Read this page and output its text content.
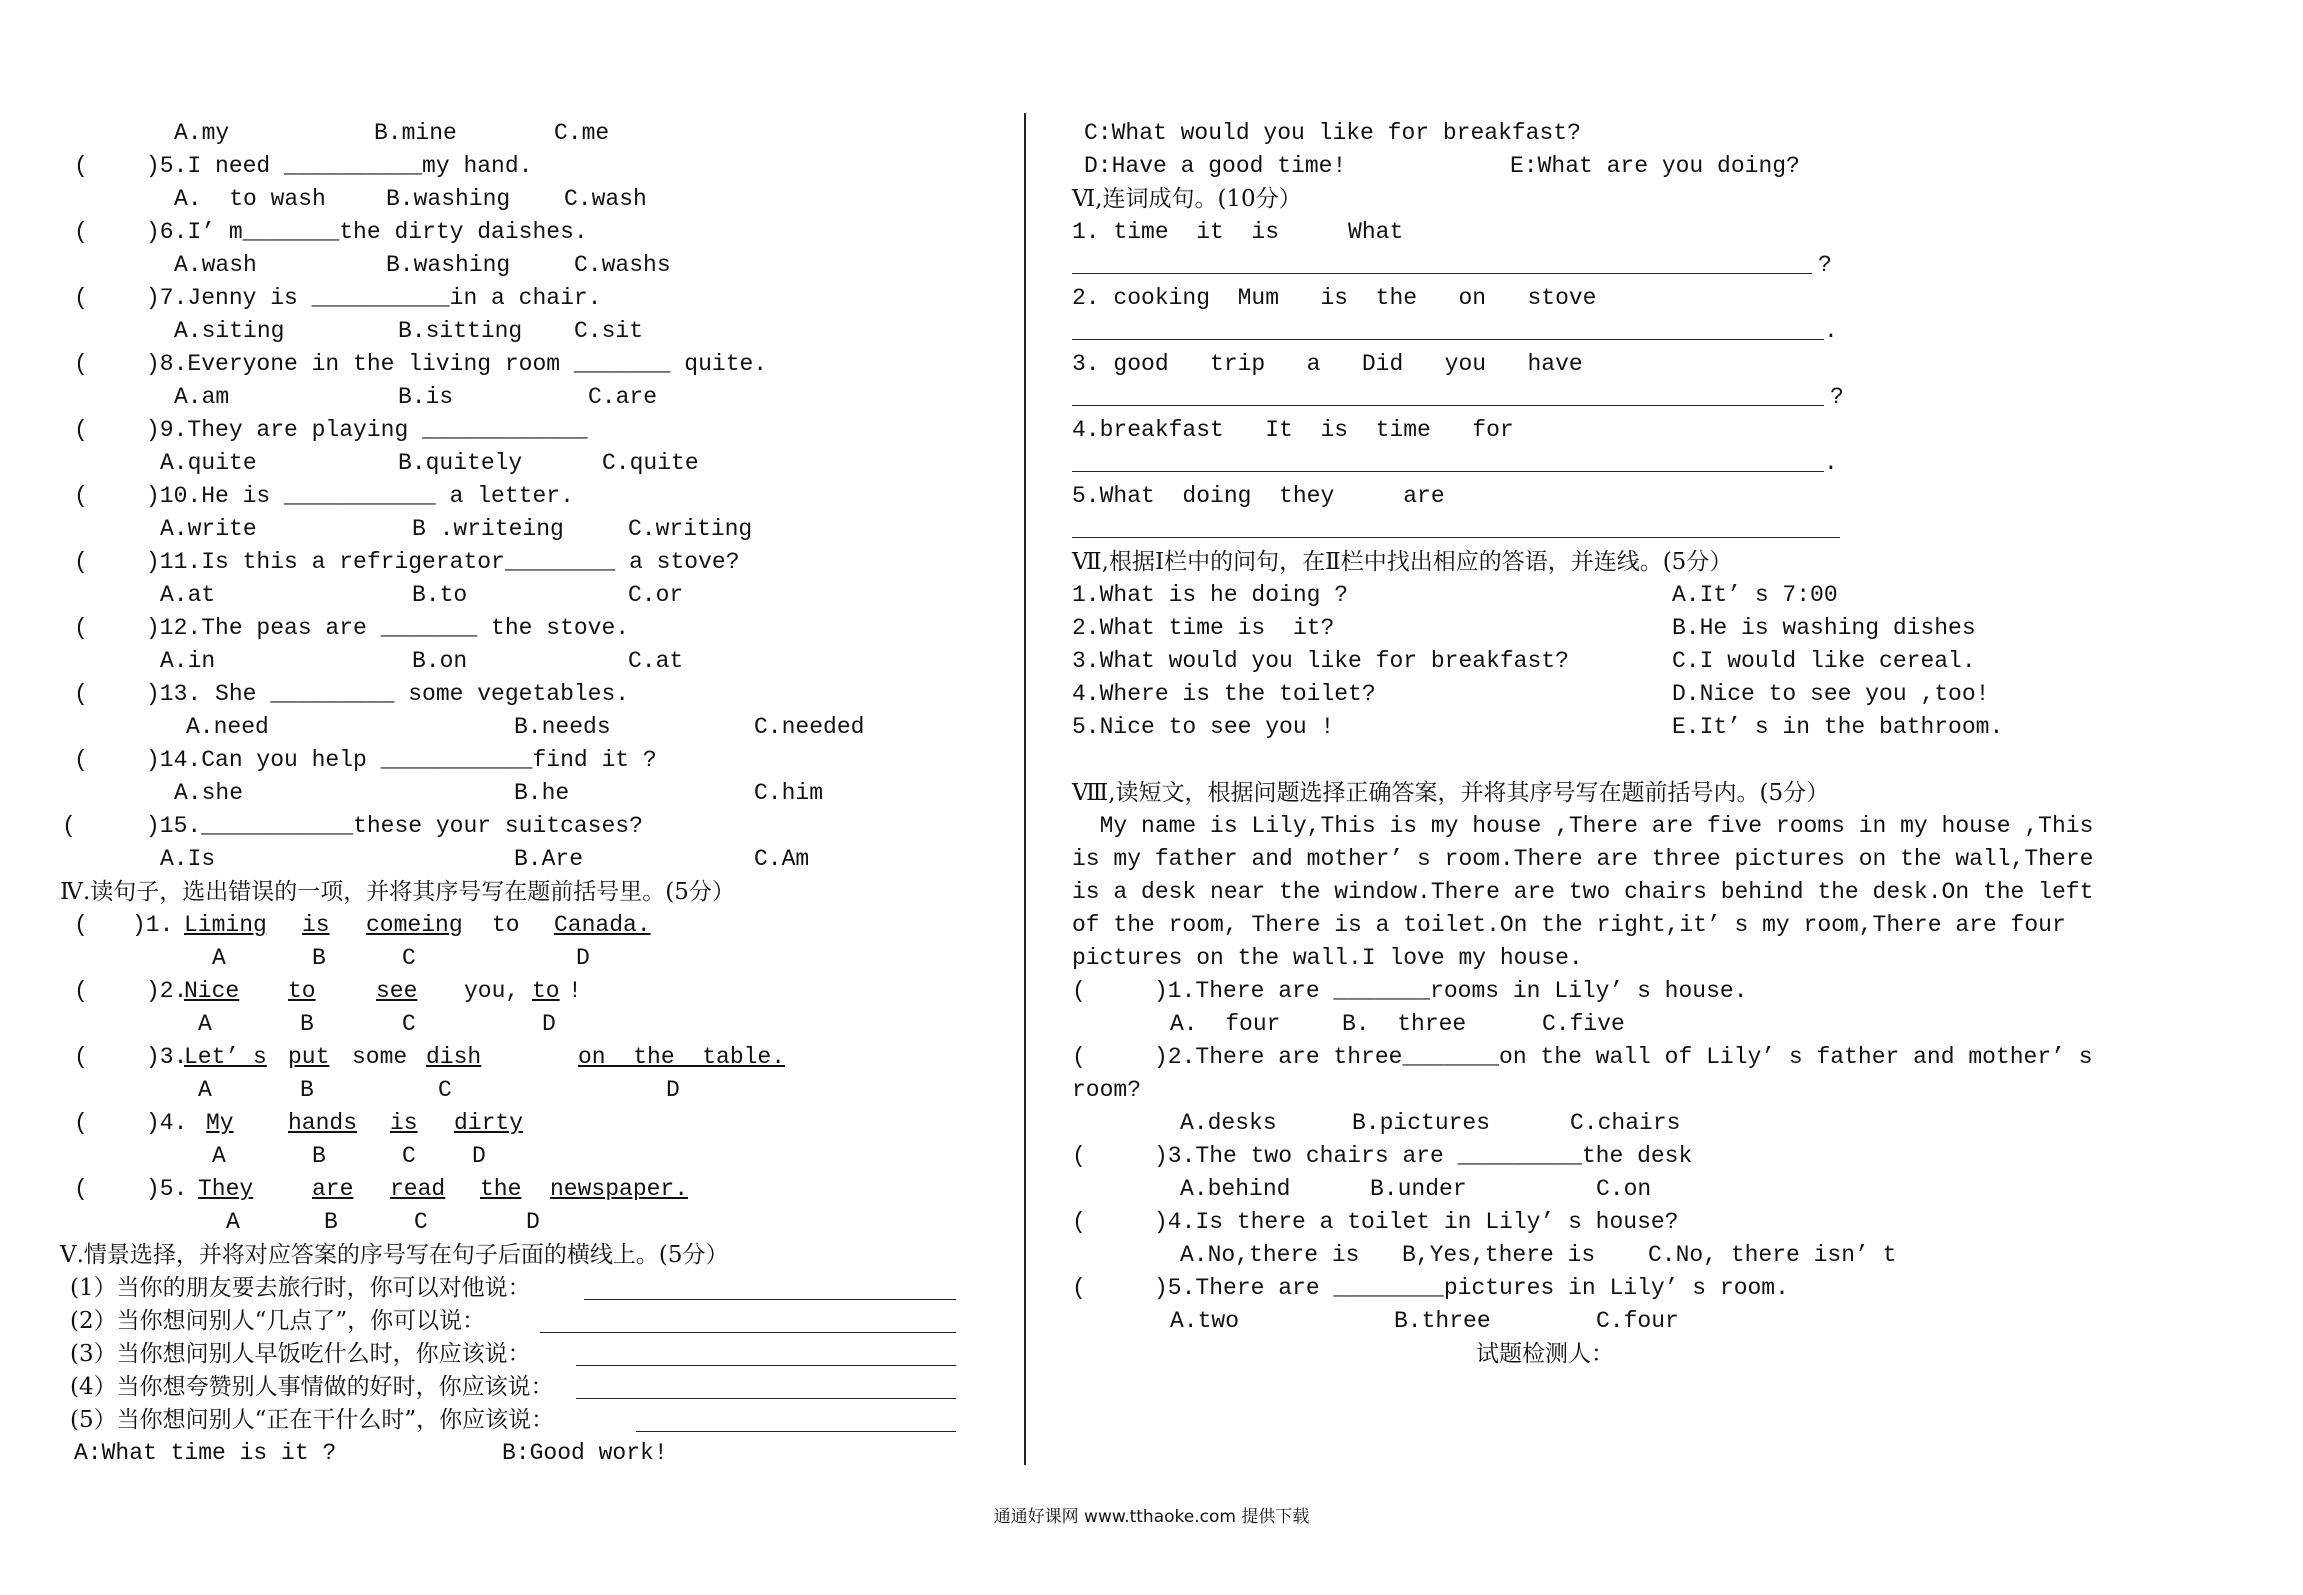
A.my	B.mine	C.me
(	)5.I need __________my hand.
A.  to wash	B.washing C.wash
(	)6.I’ m_______the dirty daishes.
A.wash	B.washing	C.washs
(	)7.Jenny is __________in a chair.
A.siting	B.sitting C.sit
(	)8.Everyone in the living room _______ quite.
A.am	B.is	C.are
(	)9.They are playing ____________
A.quite	B.quitely	C.quite
(	)10.He is ___________ a letter.
A.write	B .writeing	C.writing
(	)11.Is this a refrigerator________ a stove?
A.at	B.to	C.or
(	)12.The peas are _______ the stove.
A.in	B.on	C.at
(	)13. She _________ some vegetables.
A.need	B.needs	C.needed
(	)14.Can you help ___________find it ?
A.she	B.he	C.him
(	)15.___________these your suitcases?
A.Is	B.Are	C.Am
Ⅳ.读句子，选出错误的一项，并将其序号写在题前括号里。(5分）
( )1. Liming is comeing to Canada.
A	B	C	D
(	)2.
Nice to	see you, to !
A	B	C	D
(	)3.
Let’ s put some dish	on  the  table.
A	B	C	D
(	)4. My hands is dirty
A	B	C D
(	)5. They	are read the newspaper.
A	B	C	D
Ⅴ.情景选择，并将对应答案的序号写在句子后面的横线上。(5分）
(1）当你的朋友要去旅行时，你可以对他说：
(2）当你想问别人“几点了”，你可以说：
(3）当你想问别人早饭吃什么时，你应该说：
(4）当你想夸赞别人事情做的好时，你应该说：
(5）当你想问别人“正在干什么时”，你应该说：
A:What time is it ?	B:Good work!
C:What would you like for breakfast?
D:Have a good time!	E:What are you doing?
Ⅵ,连词成句。(10分）
1. time  it  is     What
?
2. cooking  Mum   is  the   on   stove
.
3. good   trip   a   Did   you   have
?
4.breakfast   It  is  time   for
.
5.What  doing  they     are
Ⅶ,根据Ⅰ栏中的问句，在Ⅱ栏中找出相应的答语，并连线。(5分）
1.What is he doing ?	A.It’ s 7:00
2.What time is  it?	B.He is washing dishes
3.What would you like for breakfast?	C.I would like cereal.
4.Where is the toilet?	D.Nice to see you ,too!
5.Nice to see you !	E.It’ s in the bathroom.
Ⅷ,读短文，根据问题选择正确答案，并将其序号写在题前括号内。(5分）
My name is Lily,This is my house ,There are five rooms in my house ,This
is my father and mother’ s room.There are three pictures on the wall,There
is a desk near the window.There are two chairs behind the desk.On the left
of the room, There is a toilet.On the right,it’ s my room,There are four
pictures on the wall.I love my house.
(	)1.There are _______rooms in Lily’ s house.
A.  four	B.  three	C.five
(	)2.There are three_______on the wall of Lily’ s father and mother’ s
room?
A.desks	B.pictures	C.chairs
(	)3.The two chairs are _________the desk
A.behind	B.under	C.on
(	)4.Is there a toilet in Lily’ s house?
A.No,there is B,Yes,there is C.No, there isn’ t
(	)5.There are ________pictures in Lily’ s room.
A.two	B.three	C.four
试题检测人：
通通好课网 www.tthaoke.com 提供下载
